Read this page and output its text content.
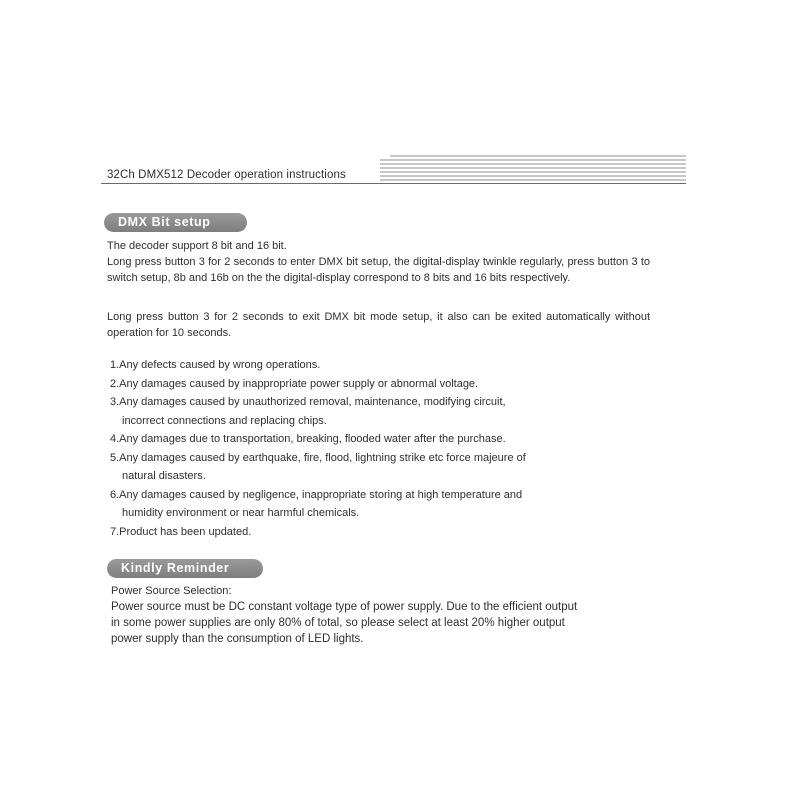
32Ch DMX512 Decoder operation instructions
DMX Bit setup

The decoder support 8 bit and 16 bit.

Long press button 3 for 2 seconds to enter DMX bit setup, the digital-display twinkle regularly, press button 3 to switch setup, 8b and 16b on the the digital-display correspond to 8 bits and 16 bits respectively.

Long press button 3 for 2 seconds to exit DMX bit mode setup, it also can be exited automatically without operation for 10 seconds.

1.Any defects caused by wrong operations.
2.Any damages caused by inappropriate power supply or abnormal voltage.
3.Any damages caused by unauthorized removal, maintenance, modifying circuit,
incorrect connections and replacing chips.
4.Any damages due to transportation, breaking, flooded water after the purchase.
5.Any damages caused by earthquake, fire, flood, lightning strike etc force majeure of
natural disasters.
6.Any damages caused by negligence, inappropriate storing at high temperature and
humidity environment or near harmful chemicals.
7.Product has been updated.
Kindly Reminder

Power Source Selection:

Power source must be DC constant voltage type of power supply. Due to the efficient output

in some power supplies are only 80% of total, so please select at least 20% higher output

power supply than the consumption of LED lights.
